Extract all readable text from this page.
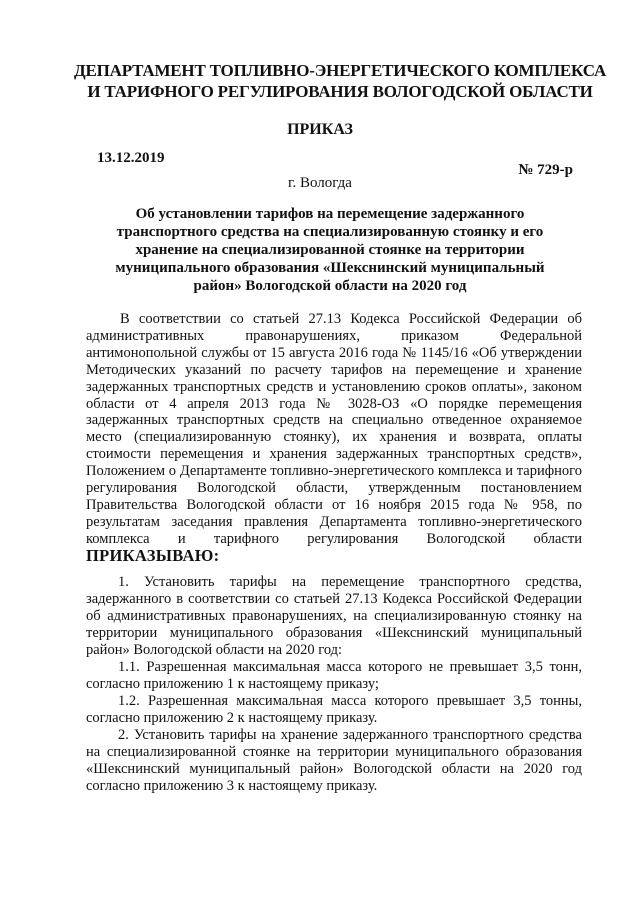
ДЕПАРТАМЕНТ ТОПЛИВНО-ЭНЕРГЕТИЧЕСКОГО КОМПЛЕКСА
И ТАРИФНОГО РЕГУЛИРОВАНИЯ ВОЛОГОДСКОЙ ОБЛАСТИ
ПРИКАЗ
13.12.2019
№ 729-р
г. Вологда
Об установлении тарифов на перемещение задержанного транспортного средства на специализированную стоянку и его хранение на специализированной стоянке на территории муниципального образования «Шекснинский муниципальный район» Вологодской области на 2020 год

В соответствии со статьей 27.13 Кодекса Российской Федерации об административных правонарушениях, приказом Федеральной антимонопольной службы от 15 августа 2016 года № 1145/16 «Об утверждении Методических указаний по расчету тарифов на перемещение и хранение задержанных транспортных средств и установлению сроков оплаты», законом области от 4 апреля 2013 года № 3028-ОЗ «О порядке перемещения задержанных транспортных средств на специально отведенное охраняемое место (специализированную стоянку), их хранения и возврата, оплаты стоимости перемещения и хранения задержанных транспортных средств», Положением о Департаменте топливно-энергетического комплекса и тарифного регулирования Вологодской области, утвержденным постановлением Правительства Вологодской области от 16 ноября 2015 года № 958, по результатам заседания правления Департамента топливно-энергетического комплекса и тарифного регулирования Вологодской области ПРИКАЗЫВАЮ:

1. Установить тарифы на перемещение транспортного средства, задержанного в соответствии со статьей 27.13 Кодекса Российской Федерации об административных правонарушениях, на специализированную стоянку на территории муниципального образования «Шекснинский муниципальный район» Вологодской области на 2020 год:

1.1. Разрешенная максимальная масса которого не превышает 3,5 тонн, согласно приложению 1 к настоящему приказу;

1.2. Разрешенная максимальная масса которого превышает 3,5 тонны, согласно приложению 2 к настоящему приказу.

2. Установить тарифы на хранение задержанного транспортного средства на специализированной стоянке на территории муниципального образования «Шекснинский муниципальный район» Вологодской области на 2020 год согласно приложению 3 к настоящему приказу.
